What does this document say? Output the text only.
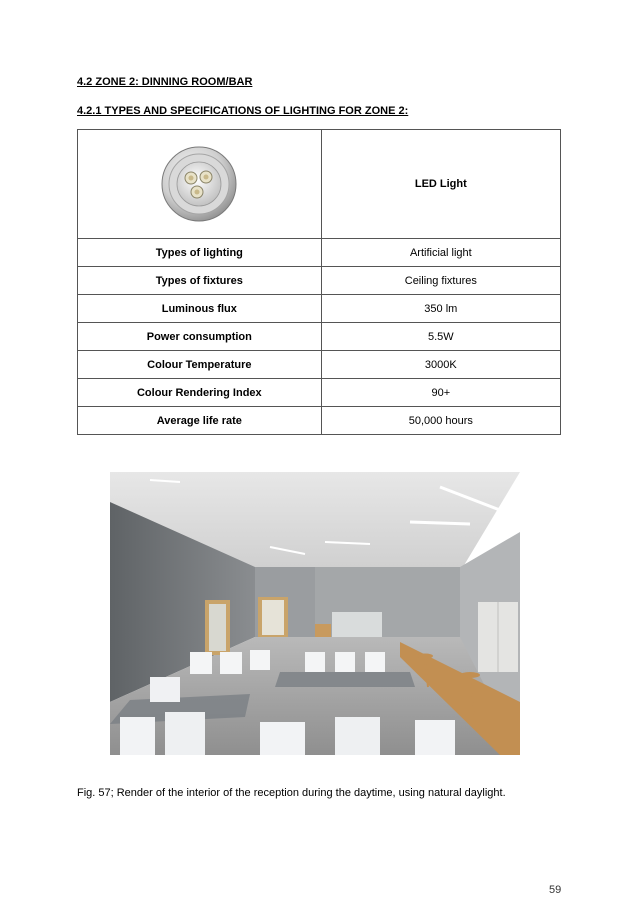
4.2 ZONE 2: DINNING ROOM/BAR
4.2.1 TYPES AND SPECIFICATIONS OF LIGHTING FOR ZONE 2:
	LED Light
Types of lighting	Artificial light
Types of fixtures	Ceiling fixtures
Luminous flux	350 lm
Power consumption	5.5W
Colour Temperature	3000K
Colour Rendering Index	90+
Average life rate	50,000 hours
Fig. 57; Render of the interior of the reception during the daytime, using natural daylight.
59
